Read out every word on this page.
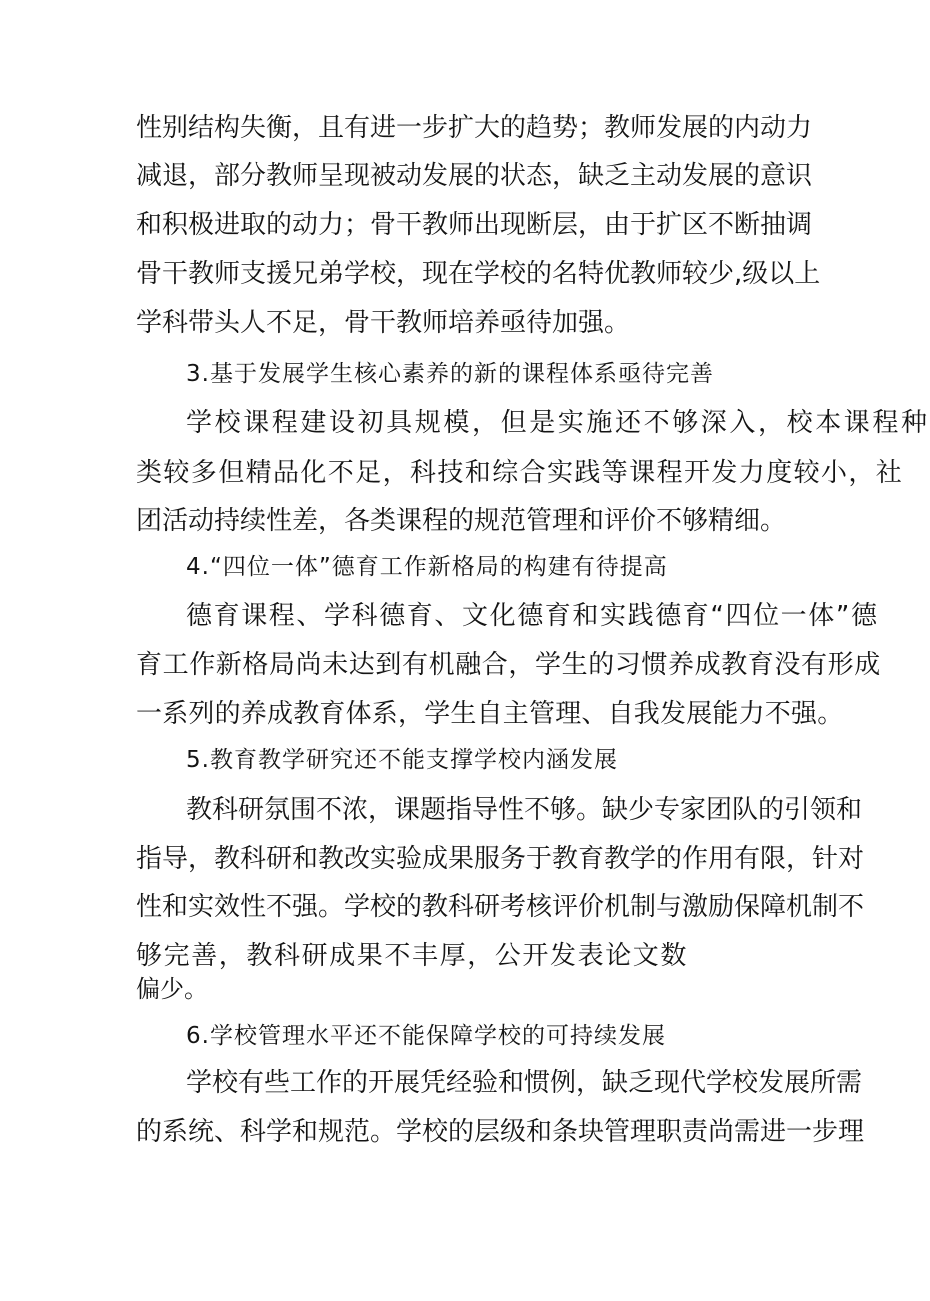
性别结构失衡，且有进一步扩大的趋势；教师发展的内动力
减退，部分教师呈现被动发展的状态，缺乏主动发展的意识
和积极进取的动力；骨干教师出现断层，由于扩区不断抽调
骨干教师支援兄弟学校，现在学校的名特优教师较少,级以上
学科带头人不足，骨干教师培养亟待加强。
3.基于发展学生核心素养的新的课程体系亟待完善
学校课程建设初具规模，但是实施还不够深入，校本课程种
类较多但精品化不足，科技和综合实践等课程开发力度较小，社
团活动持续性差，各类课程的规范管理和评价不够精细。
4.“四位一体”德育工作新格局的构建有待提高
德育课程、学科德育、文化德育和实践德育“四位一体”德
育工作新格局尚未达到有机融合，学生的习惯养成教育没有形成
一系列的养成教育体系，学生自主管理、自我发展能力不强。
5.教育教学研究还不能支撑学校内涵发展
教科研氛围不浓，课题指导性不够。缺少专家团队的引领和
指导，教科研和教改实验成果服务于教育教学的作用有限，针对
性和实效性不强。学校的教科研考核评价机制与激励保障机制不
够完善，教科研成果不丰厚，公开发表论文数
偏少。
6.学校管理水平还不能保障学校的可持续发展
学校有些工作的开展凭经验和惯例，缺乏现代学校发展所需
的系统、科学和规范。学校的层级和条块管理职责尚需进一步理
